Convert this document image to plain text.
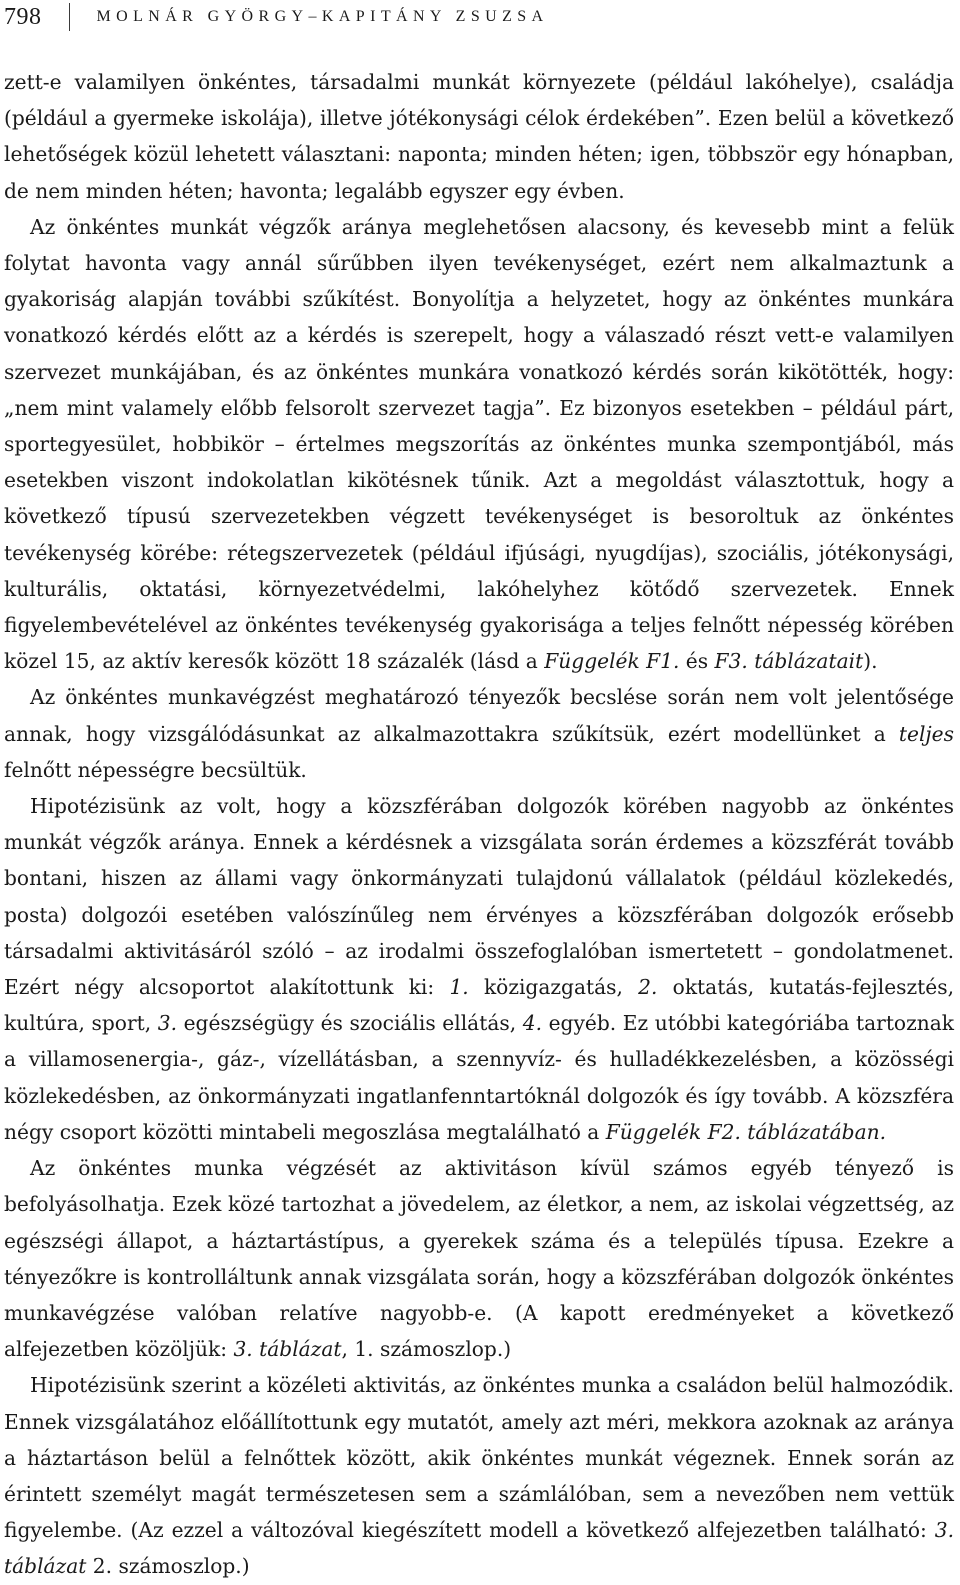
798	MOLNÁR GYÖRGY–KAPITÁNY ZSUZSA

zett-e valamilyen önkéntes, társadalmi munkát környezete (például lakóhelye), családja (például a gyermeke iskolája), illetve jótékonysági célok érdekében”. Ezen belül a következő lehetőségek közül lehetett választani: naponta; minden héten; igen, többször egy hónapban, de nem minden héten; havonta; legalább egyszer egy évben.

Az önkéntes munkát végzők aránya meglehetősen alacsony, és kevesebb mint a felük folytat havonta vagy annál sűrűbben ilyen tevékenységet, ezért nem alkalmaztunk a gyakoriság alapján további szűkítést. Bonyolítja a helyzetet, hogy az önkéntes munkára vonatkozó kérdés előtt az a kérdés is szerepelt, hogy a válaszadó részt vett-e valamilyen szervezet munkájában, és az önkéntes munkára vonatkozó kérdés során kikötötték, hogy: „nem mint valamely előbb felsorolt szervezet tagja”. Ez bizonyos esetekben – például párt, sportegyesület, hobbikör – értelmes megszorítás az önkéntes munka szempontjából, más esetekben viszont indokolatlan kikötésnek tűnik. Azt a megoldást választottuk, hogy a következő típusú szervezetekben végzett tevékenységet is besoroltuk az önkéntes tevékenység körébe: rétegszervezetek (például ifjúsági, nyugdíjas), szociális, jótékonysági, kulturális, oktatási, környezetvédelmi, lakóhelyhez kötődő szervezetek. Ennek figyelembevételével az önkéntes tevékenység gyakorisága a teljes felnőtt népesség körében közel 15, az aktív keresők között 18 százalék (lásd a Függelék F1. és F3. táblázatait).

Az önkéntes munkavégzést meghatározó tényezők becslése során nem volt jelentősége annak, hogy vizsgálódásunkat az alkalmazottakra szűkítsük, ezért modellünket a teljes felnőtt népességre becsültük.

Hipotézisünk az volt, hogy a közszférában dolgozók körében nagyobb az önkéntes munkát végzők aránya. Ennek a kérdésnek a vizsgálata során érdemes a közszférát tovább bontani, hiszen az állami vagy önkormányzati tulajdonú vállalatok (például közlekedés, posta) dolgozói esetében valószínűleg nem érvényes a közszférában dolgozók erősebb társadalmi aktivitásáról szóló – az irodalmi összefoglalóban ismertetett – gondolatmenet. Ezért négy alcsoportot alakítottunk ki: 1. közigazgatás, 2. oktatás, kutatás-fejlesztés, kultúra, sport, 3. egészségügy és szociális ellátás, 4. egyéb. Ez utóbbi kategóriába tartoznak a villamosenergia-, gáz-, vízellátásban, a szennyvíz- és hulladékkezelésben, a közösségi közlekedésben, az önkormányzati ingatlanfenntartóknál dolgozók és így tovább. A közszféra négy csoport közötti mintabeli megoszlása megtalálható a Függelék F2. táblázatában.

Az önkéntes munka végzését az aktivitáson kívül számos egyéb tényező is befolyásolhatja. Ezek közé tartozhat a jövedelem, az életkor, a nem, az iskolai végzettség, az egészségi állapot, a háztartástípus, a gyerekek száma és a település típusa. Ezekre a tényezőkre is kontrolláltunk annak vizsgálata során, hogy a közszférában dolgozók önkéntes munkavégzése valóban relatíve nagyobb-e. (A kapott eredményeket a következő alfejezetben közöljük: 3. táblázat, 1. számoszlop.)

Hipotézisünk szerint a közéleti aktivitás, az önkéntes munka a családon belül halmozódik. Ennek vizsgálatához előállítottunk egy mutatót, amely azt méri, mekkora azoknak az aránya a háztartáson belül a felnőttek között, akik önkéntes munkát végeznek. Ennek során az érintett személyt magát természetesen sem a számlálóban, sem a nevezőben nem vettük figyelembe. (Az ezzel a változóval kiegészített modell a következő alfejezetben található: 3. táblázat 2. számoszlop.)
